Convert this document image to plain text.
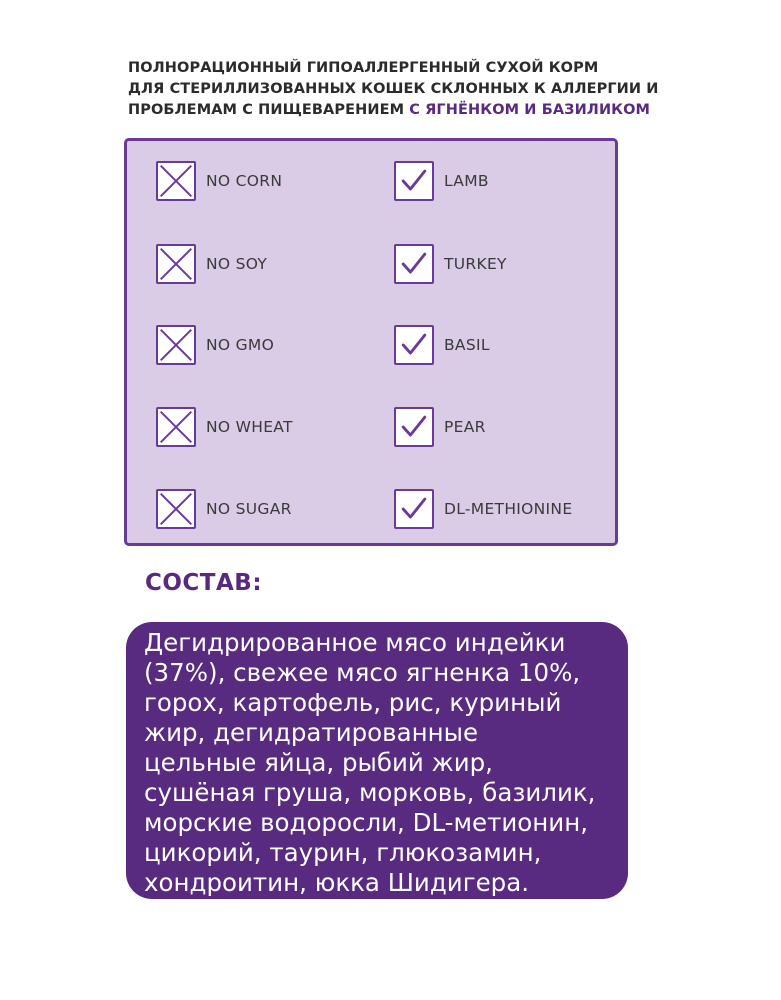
ПОЛНОРАЦИОННЫЙ ГИПОАЛЛЕРГЕННЫЙ СУХОЙ КОРМ
ДЛЯ СТЕРИЛЛИЗОВАННЫХ КОШЕК СКЛОННЫХ К АЛЛЕРГИИ И
ПРОБЛЕМАМ С ПИЩЕВАРЕНИЕМ С ЯГНЁНКОМ И БАЗИЛИКОМ
NO CORN
NO SOY
NO GMO
NO WHEAT
NO SUGAR
LAMB
TURKEY
BASIL
PEAR
DL-METHIONINE
СОСТАВ:
Дегидрированное мясо индейки
(37%), свежее мясо ягненка 10%,
горох, картофель, рис, куриный
жир, дегидратированные
цельные яйца, рыбий жир,
сушёная груша, морковь, базилик,
морские водоросли, DL-метионин,
цикорий, таурин, глюкозамин,
хондроитин, юкка Шидигера.
